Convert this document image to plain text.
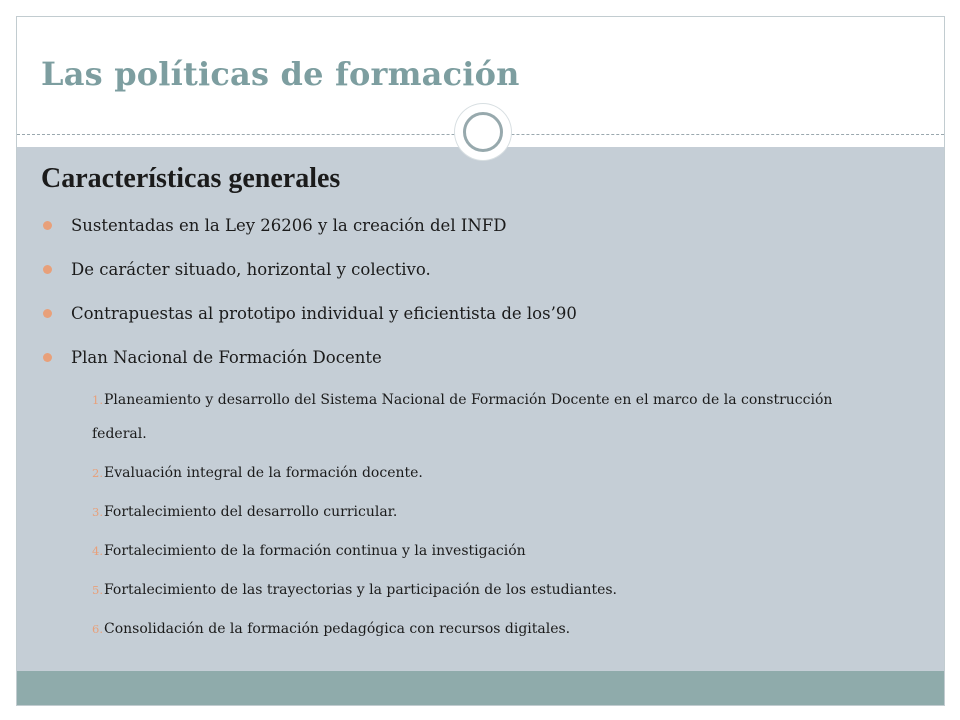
Las políticas de formación
Características generales
Sustentadas en la Ley 26206 y la creación del INFD
De carácter situado, horizontal y colectivo.
Contrapuestas al prototipo individual y eficientista de los’90
Plan Nacional de Formación Docente
1.Planeamiento y desarrollo del Sistema Nacional de Formación Docente en el marco de la construcción federal.
2.Evaluación integral de la formación docente.
3.Fortalecimiento del desarrollo curricular.
4.Fortalecimiento de la formación continua y la investigación
5.Fortalecimiento de las trayectorias y la participación de los estudiantes.
6.Consolidación de la formación pedagógica con recursos digitales.
